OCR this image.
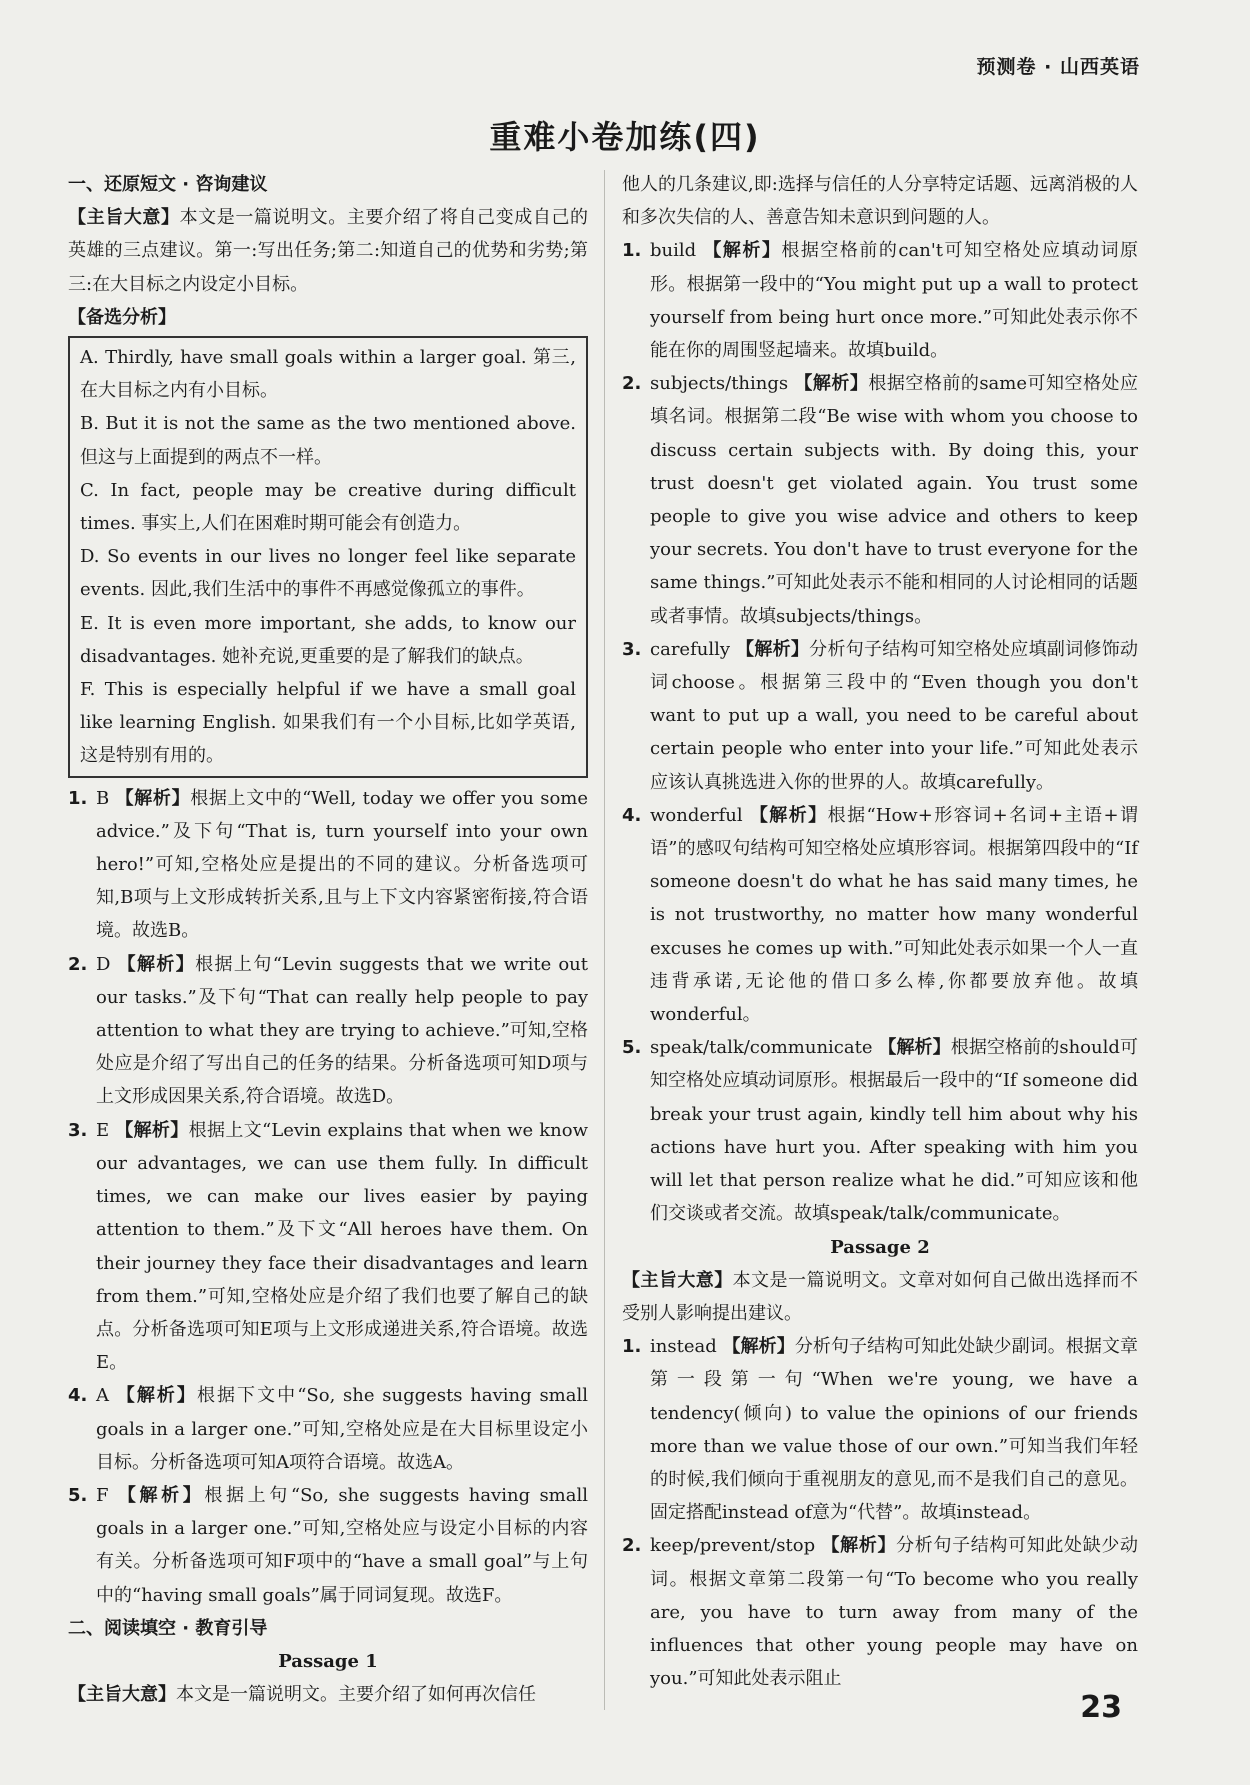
预测卷 · 山西英语
重难小卷加练(四)

一、还原短文 · 咨询建议

【主旨大意】本文是一篇说明文。主要介绍了将自己变成自己的英雄的三点建议。第一:写出任务;第二:知道自己的优势和劣势;第三:在大目标之内设定小目标。

【备选分析】

A. Thirdly, have small goals within a larger goal. 第三,在大目标之内有小目标。

B. But it is not the same as the two mentioned above. 但这与上面提到的两点不一样。

C. In fact, people may be creative during difficult times. 事实上,人们在困难时期可能会有创造力。

D. So events in our lives no longer feel like separate events. 因此,我们生活中的事件不再感觉像孤立的事件。

E. It is even more important, she adds, to know our disadvantages. 她补充说,更重要的是了解我们的缺点。

F. This is especially helpful if we have a small goal like learning English. 如果我们有一个小目标,比如学英语,这是特别有用的。

1. B 【解析】根据上文中的“Well, today we offer you some advice.”及下句“That is, turn yourself into your own hero!”可知,空格处应是提出的不同的建议。分析备选项可知,B项与上文形成转折关系,且与上下文内容紧密衔接,符合语境。故选B。

2. D 【解析】根据上句“Levin suggests that we write out our tasks.”及下句“That can really help people to pay attention to what they are trying to achieve.”可知,空格处应是介绍了写出自己的任务的结果。分析备选项可知D项与上文形成因果关系,符合语境。故选D。

3. E 【解析】根据上文“Levin explains that when we know our advantages, we can use them fully. In difficult times, we can make our lives easier by paying attention to them.”及下文“All heroes have them. On their journey they face their disadvantages and learn from them.”可知,空格处应是介绍了我们也要了解自己的缺点。分析备选项可知E项与上文形成递进关系,符合语境。故选E。

4. A 【解析】根据下文中“So, she suggests having small goals in a larger one.”可知,空格处应是在大目标里设定小目标。分析备选项可知A项符合语境。故选A。

5. F 【解析】根据上句“So, she suggests having small goals in a larger one.”可知,空格处应与设定小目标的内容有关。分析备选项可知F项中的“have a small goal”与上句中的“having small goals”属于同词复现。故选F。

二、阅读填空 · 教育引导

Passage 1

【主旨大意】本文是一篇说明文。主要介绍了如何再次信任

他人的几条建议,即:选择与信任的人分享特定话题、远离消极的人和多次失信的人、善意告知未意识到问题的人。

1. build 【解析】根据空格前的can't可知空格处应填动词原形。根据第一段中的“You might put up a wall to protect yourself from being hurt once more.”可知此处表示你不能在你的周围竖起墙来。故填build。

2. subjects/things 【解析】根据空格前的same可知空格处应填名词。根据第二段“Be wise with whom you choose to discuss certain subjects with. By doing this, your trust doesn't get violated again. You trust some people to give you wise advice and others to keep your secrets. You don't have to trust everyone for the same things.”可知此处表示不能和相同的人讨论相同的话题或者事情。故填subjects/things。

3. carefully 【解析】分析句子结构可知空格处应填副词修饰动词choose。根据第三段中的“Even though you don't want to put up a wall, you need to be careful about certain people who enter into your life.”可知此处表示应该认真挑选进入你的世界的人。故填carefully。

4. wonderful 【解析】根据“How+形容词+名词+主语+谓语”的感叹句结构可知空格处应填形容词。根据第四段中的“If someone doesn't do what he has said many times, he is not trustworthy, no matter how many wonderful excuses he comes up with.”可知此处表示如果一个人一直违背承诺,无论他的借口多么棒,你都要放弃他。故填wonderful。

5. speak/talk/communicate 【解析】根据空格前的should可知空格处应填动词原形。根据最后一段中的“If someone did break your trust again, kindly tell him about why his actions have hurt you. After speaking with him you will let that person realize what he did.”可知应该和他们交谈或者交流。故填speak/talk/communicate。

Passage 2

【主旨大意】本文是一篇说明文。文章对如何自己做出选择而不受别人影响提出建议。

1. instead 【解析】分析句子结构可知此处缺少副词。根据文章第一段第一句“When we're young, we have a tendency(倾向) to value the opinions of our friends more than we value those of our own.”可知当我们年轻的时候,我们倾向于重视朋友的意见,而不是我们自己的意见。固定搭配instead of意为“代替”。故填instead。

2. keep/prevent/stop 【解析】分析句子结构可知此处缺少动词。根据文章第二段第一句“To become who you really are, you have to turn away from many of the influences that other young people may have on you.”可知此处表示阻止

23
